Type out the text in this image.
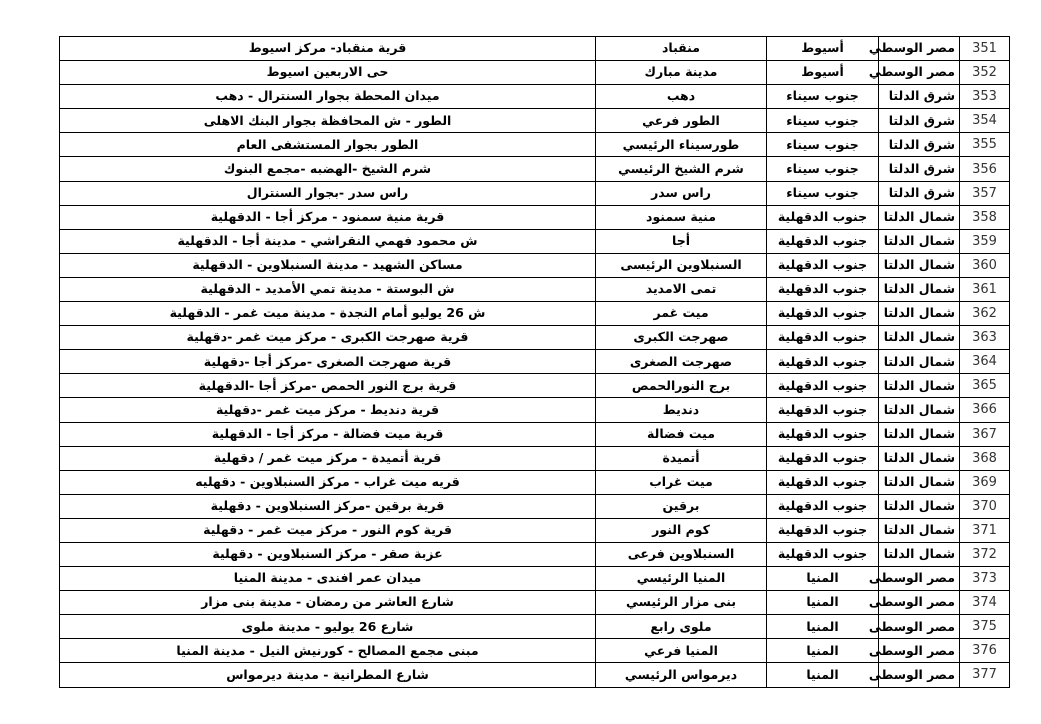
قرية منقباد- مركز اسيوط	منقباد	أسيوط	مصر الوسطي	351
حى الاربعين اسيوط	مدينة مبارك	أسيوط	مصر الوسطي	352
ميدان المحطة بجوار السنترال - دهب	دهب	جنوب سيناء	شرق الدلتا	353
الطور - ش المحافظة بجوار البنك الاهلى	الطور فرعي	جنوب سيناء	شرق الدلتا	354
الطور بجوار المستشفى العام	طورسيناء الرئيسي	جنوب سيناء	شرق الدلتا	355
شرم الشيخ -الهضبه -مجمع البنوك	شرم الشيخ الرئيسي	جنوب سيناء	شرق الدلتا	356
راس سدر -بجوار السنترال	راس سدر	جنوب سيناء	شرق الدلتا	357
قرية منية سمنود - مركز أجا - الدقهلية	منية سمنود	جنوب الدقهلية	شمال الدلتا	358
ش محمود فهمي النقراشي - مدينة أجا - الدقهلية	أجا	جنوب الدقهلية	شمال الدلتا	359
مساكن الشهيد - مدينة السنبلاوين - الدقهلية	السنبلاوين الرئيسى	جنوب الدقهلية	شمال الدلتا	360
ش البوستة - مدينة تمي الأمديد - الدقهلية	تمى الامديد	جنوب الدقهلية	شمال الدلتا	361
ش 26 يوليو أمام النجدة - مدينة ميت غمر - الدقهلية	ميت غمر	جنوب الدقهلية	شمال الدلتا	362
قرية صهرجت الكبرى - مركز ميت غمر -دقهلية	صهرجت الكبرى	جنوب الدقهلية	شمال الدلتا	363
قرية صهرجت الصغرى -مركز أجا -دقهلية	صهرجت الصغرى	جنوب الدقهلية	شمال الدلتا	364
قرية برج النور الحمص -مركز أجا -الدقهلية	برج النورالحمص	جنوب الدقهلية	شمال الدلتا	365
قرية دنديط - مركز ميت غمر -دقهلية	دنديط	جنوب الدقهلية	شمال الدلتا	366
قرية ميت فضالة - مركز أجا - الدقهلية	ميت فضالة	جنوب الدقهلية	شمال الدلتا	367
قرية أتميدة - مركز ميت غمر / دقهلية	أتميدة	جنوب الدقهلية	شمال الدلتا	368
قريه ميت غراب - مركز السنبلاوين - دقهليه	ميت غراب	جنوب الدقهلية	شمال الدلتا	369
قرية برقين -مركز السنبلاوين - دقهلية	برقين	جنوب الدقهلية	شمال الدلتا	370
قرية كوم النور - مركز ميت غمر - دقهلية	كوم النور	جنوب الدقهلية	شمال الدلتا	371
عزبة صقر - مركز السنبلاوين - دقهلية	السنبلاوين فرعى	جنوب الدقهلية	شمال الدلتا	372
ميدان عمر افندى - مدينة المنيا	المنيا الرئيسي	المنيا	مصر الوسطى	373
شارع العاشر من رمضان - مدينة بنى مزار	بنى مزار الرئيسي	المنيا	مصر الوسطى	374
شارع 26 يوليو - مدينة ملوى	ملوى رابع	المنيا	مصر الوسطى	375
مبنى مجمع المصالح - كورنيش النيل - مدينة المنيا	المنيا فرعي	المنيا	مصر الوسطى	376
شارع المطرانية - مدينة ديرمواس	ديرمواس الرئيسي	المنيا	مصر الوسطى	377
